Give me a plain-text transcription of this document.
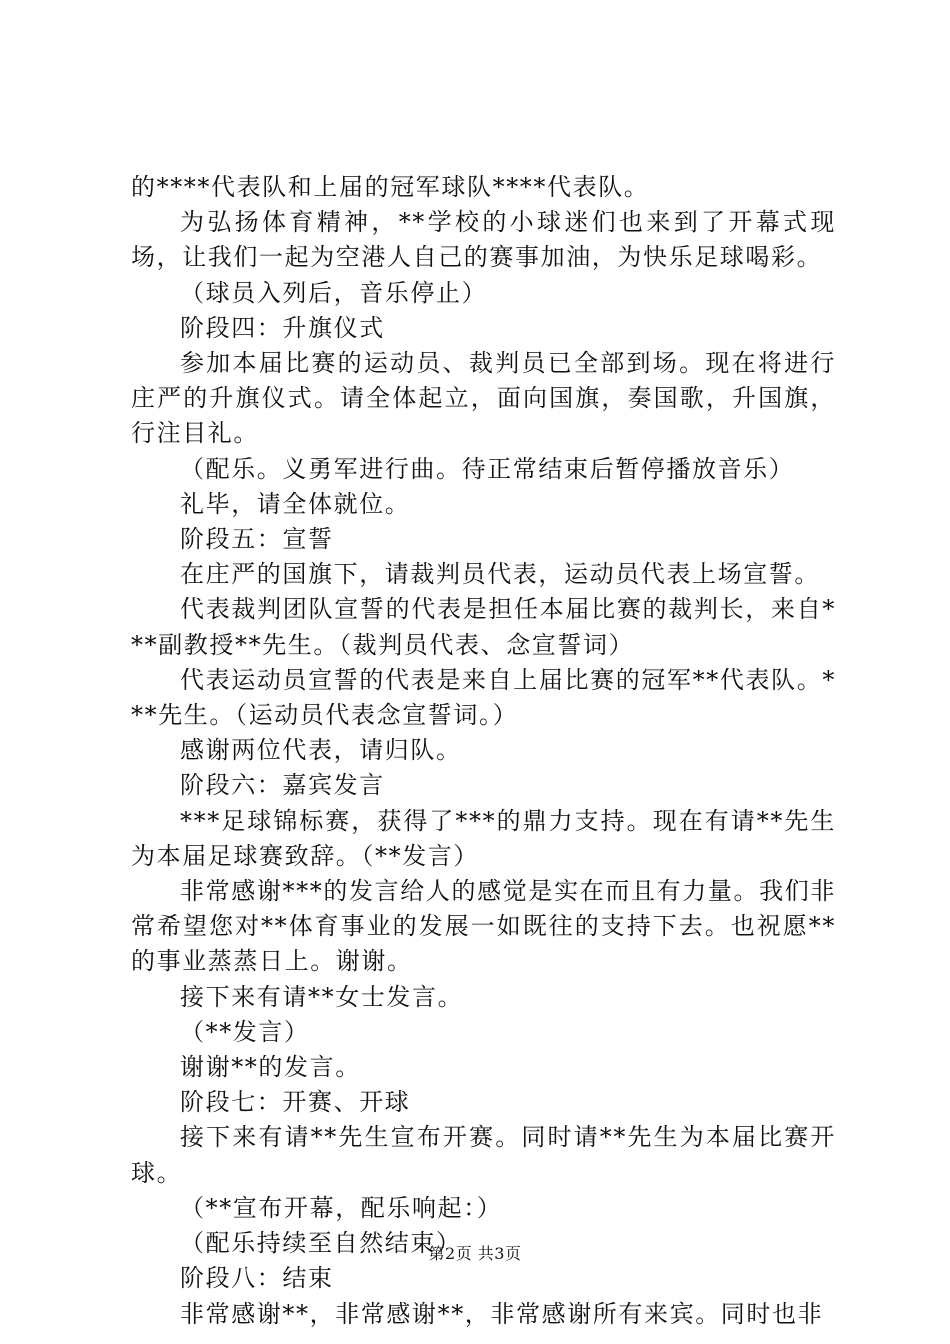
的****代表队和上届的冠军球队****代表队。

为弘扬体育精神，**学校的小球迷们也来到了开幕式现场，让我们一起为空港人自己的赛事加油，为快乐足球喝彩。

（球员入列后，音乐停止）

阶段四：升旗仪式

参加本届比赛的运动员、裁判员已全部到场。现在将进行庄严的升旗仪式。请全体起立，面向国旗，奏国歌，升国旗，行注目礼。

（配乐。义勇军进行曲。待正常结束后暂停播放音乐）

礼毕，请全体就位。

阶段五：宣誓

在庄严的国旗下，请裁判员代表，运动员代表上场宣誓。

代表裁判团队宣誓的代表是担任本届比赛的裁判长，来自***副教授**先生。（裁判员代表、念宣誓词）

代表运动员宣誓的代表是来自上届比赛的冠军**代表队。***先生。（运动员代表念宣誓词。）

感谢两位代表，请归队。

阶段六：嘉宾发言

***足球锦标赛，获得了***的鼎力支持。现在有请**先生为本届足球赛致辞。（**发言）

非常感谢***的发言给人的感觉是实在而且有力量。我们非常希望您对**体育事业的发展一如既往的支持下去。也祝愿**的事业蒸蒸日上。谢谢。

接下来有请**女士发言。

（**发言）

谢谢**的发言。

阶段七：开赛、开球

接下来有请**先生宣布开赛。同时请**先生为本届比赛开球。

（**宣布开幕，配乐响起：）

（配乐持续至自然结束）

阶段八：结束

非常感谢**，非常感谢**，非常感谢所有来宾。同时也非

第2页 共3页
